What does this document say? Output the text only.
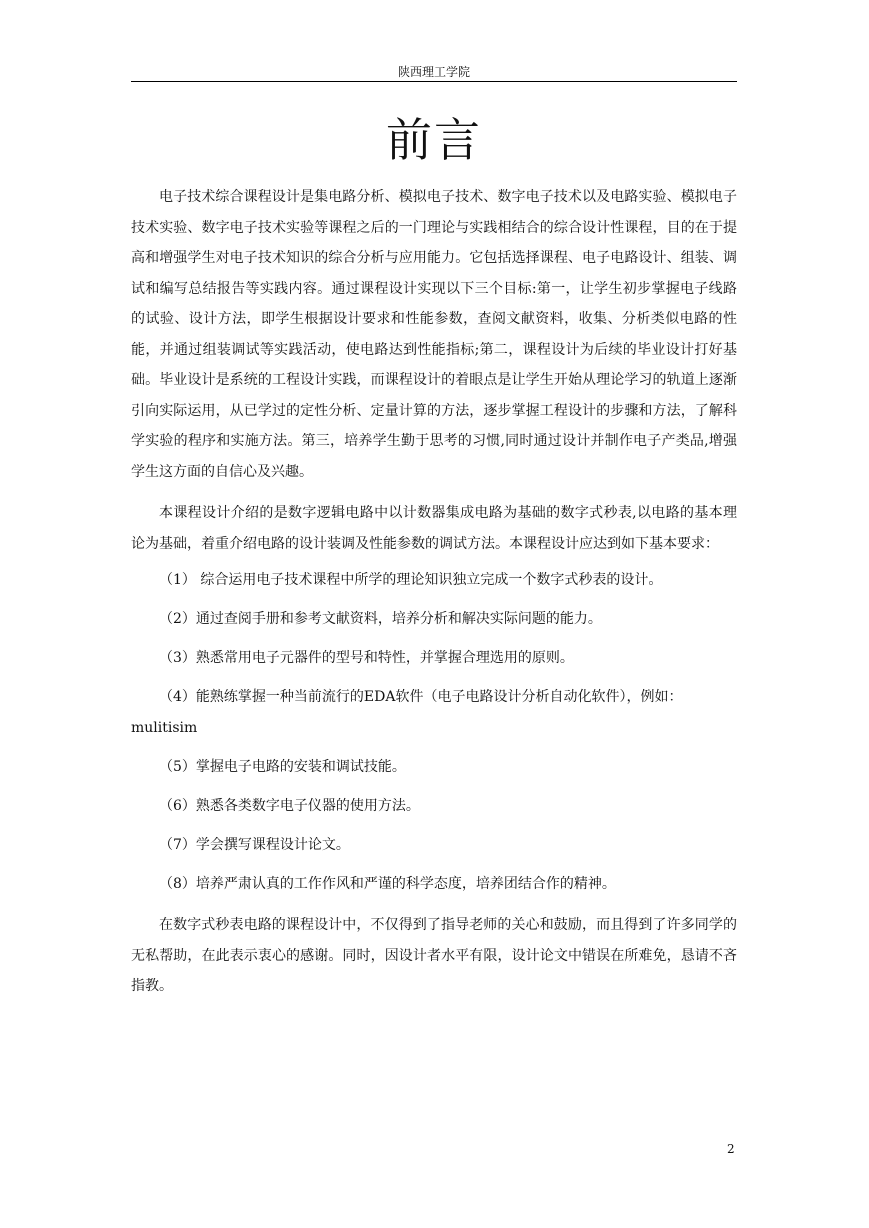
陕西理工学院
前言

电子技术综合课程设计是集电路分析、模拟电子技术、数字电子技术以及电路实验、模拟电子技术实验、数字电子技术实验等课程之后的一门理论与实践相结合的综合设计性课程，目的在于提高和增强学生对电子技术知识的综合分析与应用能力。它包括选择课程、电子电路设计、组装、调试和编写总结报告等实践内容。通过课程设计实现以下三个目标:第一，让学生初步掌握电子线路的试验、设计方法，即学生根据设计要求和性能参数，查阅文献资料，收集、分析类似电路的性能，并通过组装调试等实践活动，使电路达到性能指标;第二，课程设计为后续的毕业设计打好基础。毕业设计是系统的工程设计实践，而课程设计的着眼点是让学生开始从理论学习的轨道上逐渐引向实际运用，从已学过的定性分析、定量计算的方法，逐步掌握工程设计的步骤和方法，了解科学实验的程序和实施方法。第三，培养学生勤于思考的习惯,同时通过设计并制作电子产类品,增强学生这方面的自信心及兴趣。

本课程设计介绍的是数字逻辑电路中以计数器集成电路为基础的数字式秒表,以电路的基本理论为基础，着重介绍电路的设计装调及性能参数的调试方法。本课程设计应达到如下基本要求：

（1） 综合运用电子技术课程中所学的理论知识独立完成一个数字式秒表的设计。

（2）通过查阅手册和参考文献资料，培养分析和解决实际问题的能力。

（3）熟悉常用电子元器件的型号和特性，并掌握合理选用的原则。

（4）能熟练掌握一种当前流行的EDA软件（电子电路设计分析自动化软件），例如：mulitisim

（5）掌握电子电路的安装和调试技能。

（6）熟悉各类数字电子仪器的使用方法。

（7）学会撰写课程设计论文。

（8）培养严肃认真的工作作风和严谨的科学态度，培养团结合作的精神。

在数字式秒表电路的课程设计中，不仅得到了指导老师的关心和鼓励，而且得到了许多同学的无私帮助，在此表示衷心的感谢。同时，因设计者水平有限，设计论文中错误在所难免，恳请不吝指教。

2
